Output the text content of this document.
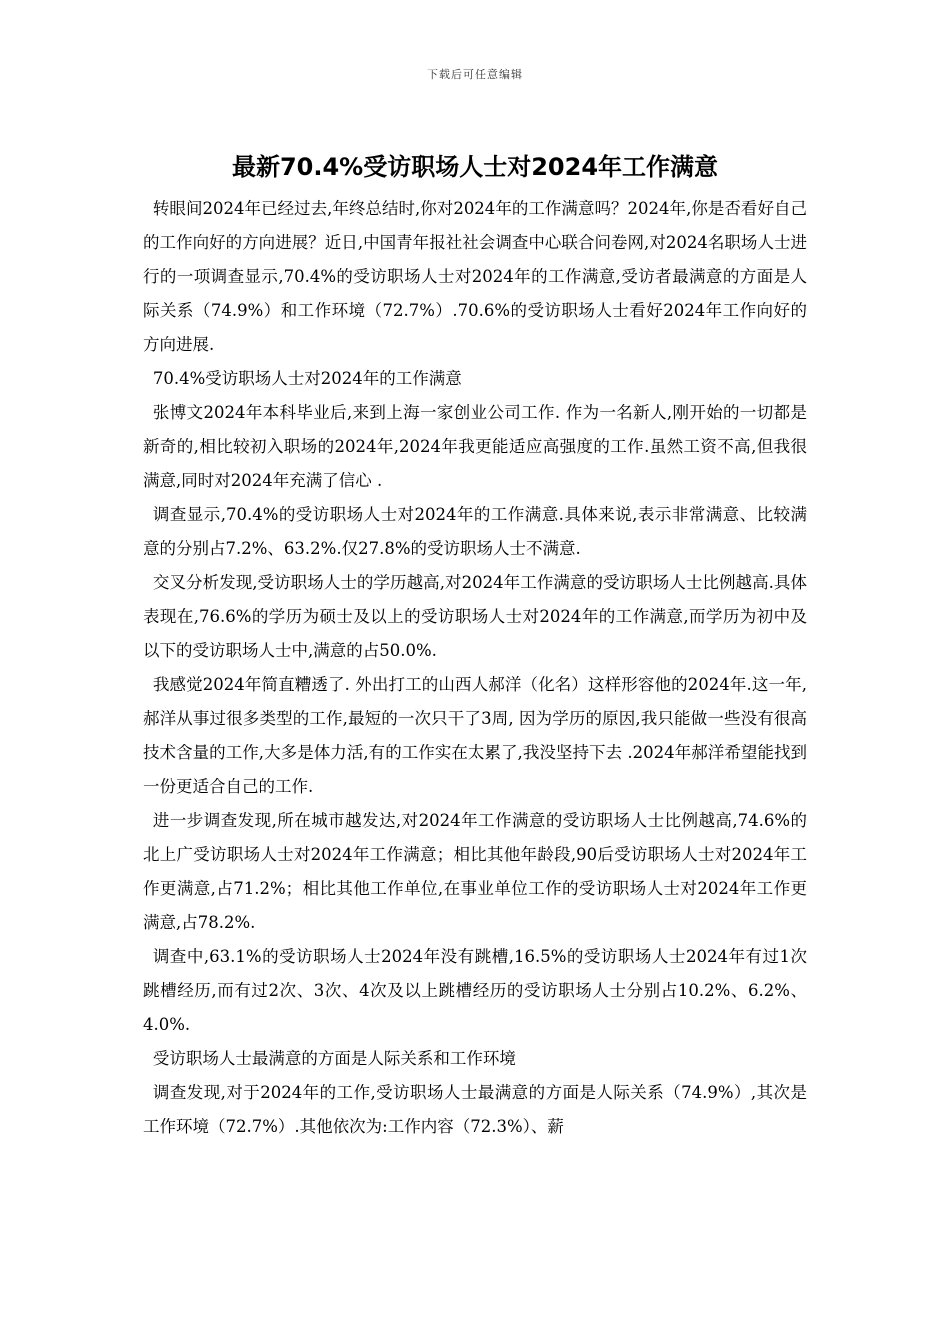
下载后可任意编辑
最新70.4%受访职场人士对2024年工作满意

转眼间2024年已经过去,年终总结时,你对2024年的工作满意吗？2024年,你是否看好自己的工作向好的方向进展？近日,中国青年报社社会调查中心联合问卷网,对2024名职场人士进行的一项调查显示,70.4%的受访职场人士对2024年的工作满意,受访者最满意的方面是人际关系（74.9%）和工作环境（72.7%）.70.6%的受访职场人士看好2024年工作向好的方向进展.

70.4%受访职场人士对2024年的工作满意

张博文2024年本科毕业后,来到上海一家创业公司工作. 作为一名新人,刚开始的一切都是新奇的,相比较初入职场的2024年,2024年我更能适应高强度的工作.虽然工资不高,但我很满意,同时对2024年充满了信心 .

调查显示,70.4%的受访职场人士对2024年的工作满意.具体来说,表示非常满意、比较满意的分别占7.2%、63.2%.仅27.8%的受访职场人士不满意.

交叉分析发现,受访职场人士的学历越高,对2024年工作满意的受访职场人士比例越高.具体表现在,76.6%的学历为硕士及以上的受访职场人士对2024年的工作满意,而学历为初中及以下的受访职场人士中,满意的占50.0%.

我感觉2024年简直糟透了. 外出打工的山西人郝洋（化名）这样形容他的2024年.这一年,郝洋从事过很多类型的工作,最短的一次只干了3周, 因为学历的原因,我只能做一些没有很高技术含量的工作,大多是体力活,有的工作实在太累了,我没坚持下去 .2024年郝洋希望能找到一份更适合自己的工作.

进一步调查发现,所在城市越发达,对2024年工作满意的受访职场人士比例越高,74.6%的北上广受访职场人士对2024年工作满意；相比其他年龄段,90后受访职场人士对2024年工作更满意,占71.2%；相比其他工作单位,在事业单位工作的受访职场人士对2024年工作更满意,占78.2%.

调查中,63.1%的受访职场人士2024年没有跳槽,16.5%的受访职场人士2024年有过1次跳槽经历,而有过2次、3次、4次及以上跳槽经历的受访职场人士分别占10.2%、6.2%、4.0%.

受访职场人士最满意的方面是人际关系和工作环境

调查发现,对于2024年的工作,受访职场人士最满意的方面是人际关系（74.9%）,其次是工作环境（72.7%）.其他依次为:工作内容（72.3%）、薪
